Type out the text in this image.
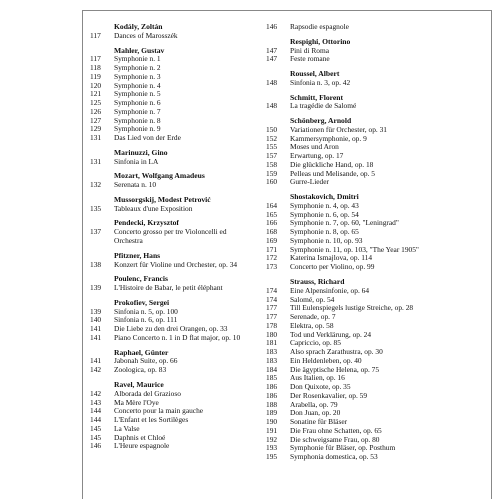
Kodály, Zoltán
117	Dances of Marosszék
Mahler, Gustav
117	Symphonie n. 1
118	Symphonie n. 2
119	Symphonie n. 3
120	Symphonie n. 4
121	Symphonie n. 5
125	Symphonie n. 6
126	Symphonie n. 7
127	Symphonie n. 8
129	Symphonie n. 9
131	Das Lied von der Erde
Marinuzzi, Gino
131	Sinfonia in LA
Mozart, Wolfgang Amadeus
132	Serenata n. 10
Mussorgskij, Modest Petrović
135	Tableaux d'une Exposition
Pendecki, Krzysztof
137	Concerto grosso per tre Violoncelli ed
Orchestra
Pfitzner, Hans
138	Konzert für Violine und Orchester, op. 34
Poulenc, Francis
139	L'Histoire de Babar, le petit éléphant
Prokofiev, Sergei
139	Sinfonia n. 5, op. 100
140	Sinfonia n. 6, op. 111
141	Die Liebe zu den drei Orangen, op. 33
141	Piano Concerto n. 1 in D flat major, op. 10
Raphael, Günter
141	Jabonah Suite, op. 66
142	Zoologica, op. 83
Ravel, Maurice
142	Alborada del Grazioso
143	Ma Mère l'Oye
144	Concerto pour la main gauche
144	L'Enfant et les Sortilèges
145	La Valse
145	Daphnis et Chloé
146	L'Heure espagnole
146	Rapsodie espagnole
Respighi, Ottorino
147	Pini di Roma
147	Feste romane
Roussel, Albert
148	Sinfonia n. 3, op. 42
Schmitt, Florent
148	La tragédie de Salomé
Schönberg, Arnold
150	Variationen für Orchester, op. 31
152	Kammersymphonie, op. 9
155	Moses und Aron
157	Erwartung, op. 17
158	Die glückliche Hand, op. 18
159	Pelleas und Melisande, op. 5
160	Gurre-Lieder
Shostakovich, Dmitri
164	Symphonie n. 4, op. 43
165	Symphonie n. 6, op. 54
166	Symphonie n. 7, op. 60, "Leningrad"
168	Symphonie n. 8, op. 65
169	Symphonie n. 10, op. 93
171	Symphonie n. 11, op. 103, "The Year 1905"
172	Katerina Ismajlova, op. 114
173	Concerto per Violino, op. 99
Strauss, Richard
174	Eine Alpensinfonie, op. 64
174	Salomé, op. 54
177	Till Eulenspiegels lustige Streiche, op. 28
177	Serenade, op. 7
178	Elektra, op. 58
180	Tod und Verklärung, op. 24
181	Capriccio, op. 85
183	Also sprach Zarathustra, op. 30
183	Ein Heldenleben, op. 40
184	Die ägyptische Helena, op. 75
185	Aus Italien, op. 16
186	Don Quixote, op. 35
186	Der Rosenkavalier, op. 59
188	Arabella, op. 79
189	Don Juan, op. 20
190	Sonatine für Bläser
191	Die Frau ohne Schatten, op. 65
192	Die schweigsame Frau, op. 80
193	Symphonie für Bläser, op. Posthum
195	Symphonia domestica, op. 53
